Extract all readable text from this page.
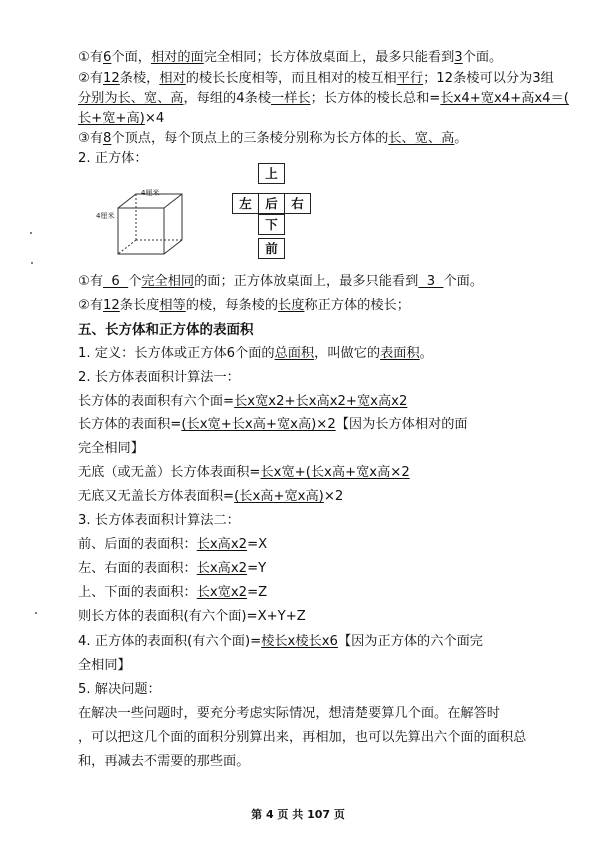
①有6个面，相对的面完全相同；长方体放桌面上，最多只能看到3个面。
②有12条棱，相对的棱长长度相等，而且相对的棱互相平行；12条棱可以分为3组
分别为长、宽、高，每组的4条棱一样长；长方体的棱长总和=长x4+宽x4+高x4＝(
长+宽+高)×4
③有8个顶点，每个顶点上的三条棱分别称为长方体的长、宽、高。
2. 正方体：
4厘米
4厘米
上
左	后	右
下
前
①有  6  个完全相同的面；正方体放桌面上，最多只能看到  3  个面。
②有12条长度相等的棱，每条棱的长度称正方体的棱长；
五、长方体和正方体的表面积
1. 定义：长方体或正方体6个面的总面积，叫做它的表面积。
2. 长方体表面积计算法一：
长方体的表面积有六个面=长x宽x2+长x高x2+宽x高x2
长方体的表面积=(长x宽+长x高+宽x高)×2【因为长方体相对的面
完全相同】
无底（或无盖）长方体表面积=长x宽+(长x高+宽x高×2
无底又无盖长方体表面积=(长x高+宽x高)×2
3. 长方体表面积计算法二：
前、后面的表面积：长x高x2=X
左、右面的表面积：长x高x2=Y
上、下面的表面积：长x宽x2=Z
则长方体的表面积(有六个面)=X+Y+Z
4. 正方体的表面积(有六个面)=棱长x棱长x6【因为正方体的六个面完
全相同】
5. 解决问题：
在解决一些问题时，要充分考虑实际情况，想清楚要算几个面。在解答时
，可以把这几个面的面积分别算出来，再相加，也可以先算出六个面的面积总
和，再减去不需要的那些面。
第 4 页 共 107 页
